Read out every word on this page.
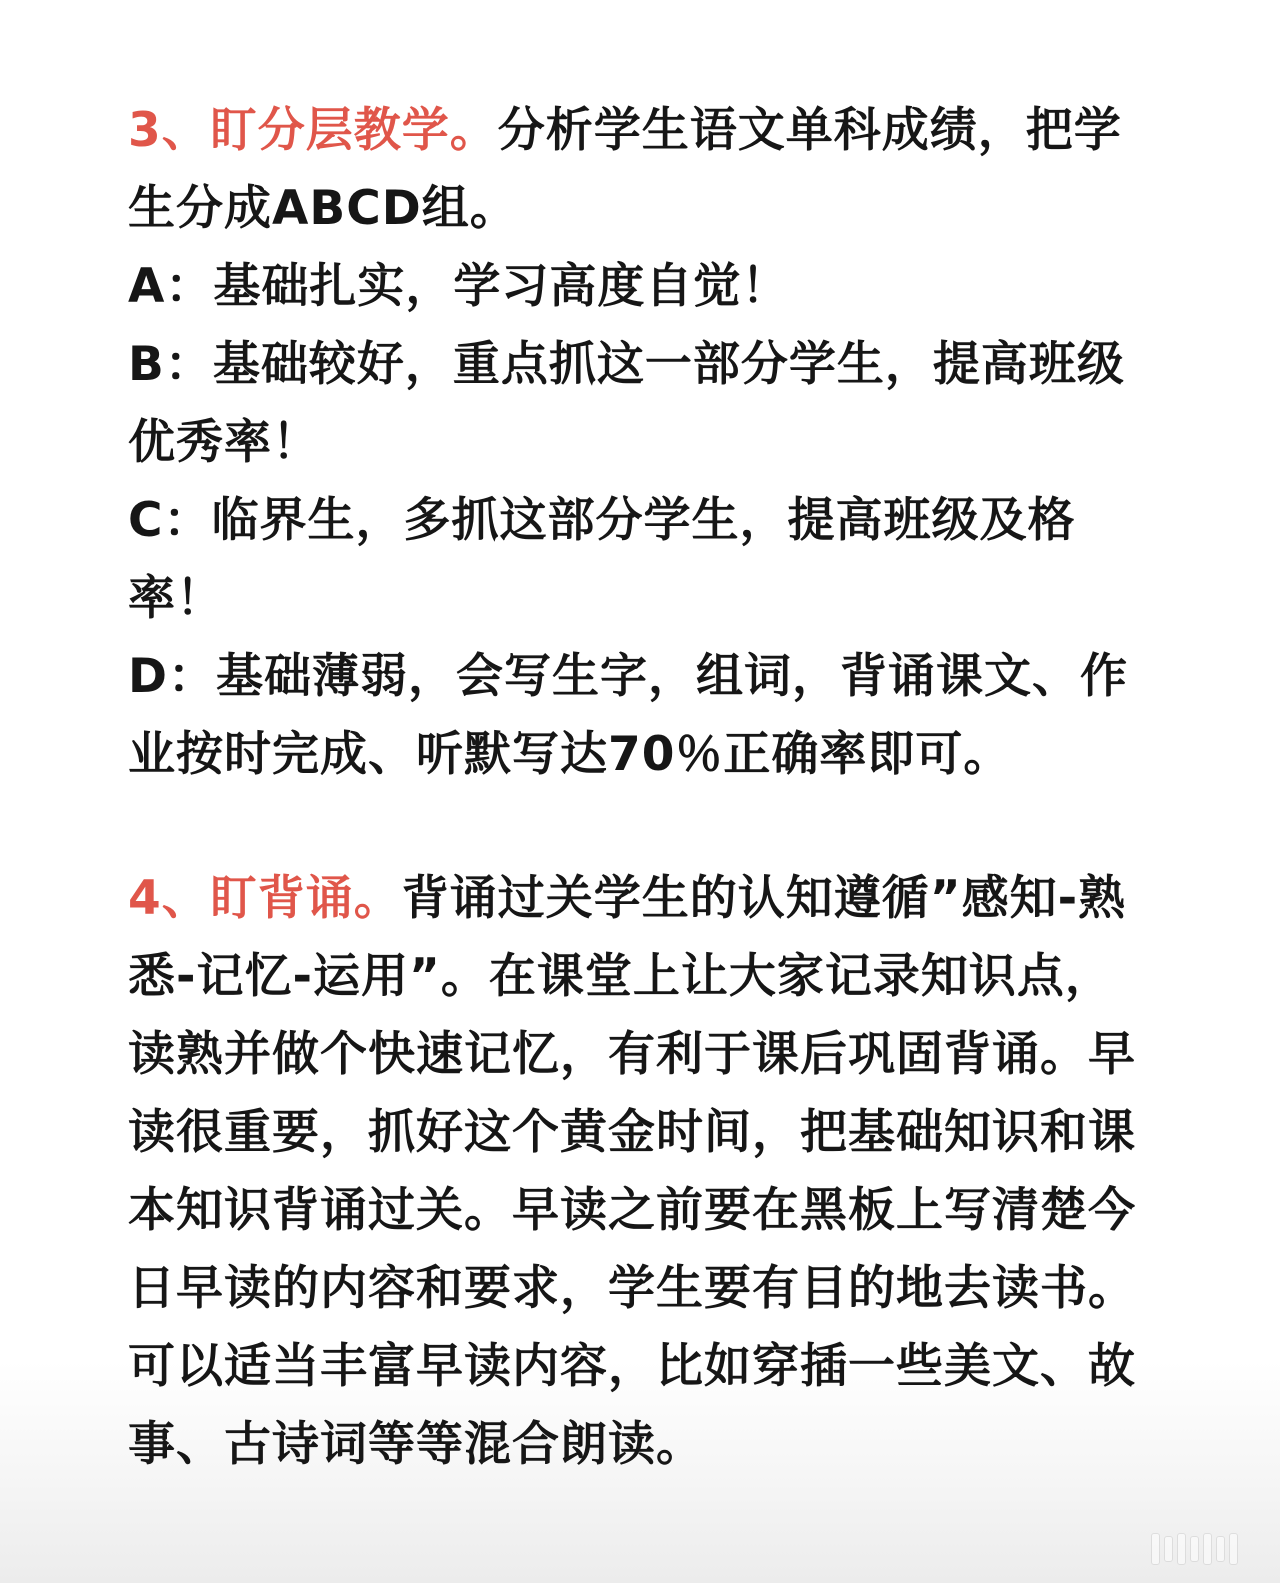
3、盯分层教学。分析学生语文单科成绩，把学生分成ABCD组。

A：基础扎实，学习高度自觉！

B：基础较好，重点抓这一部分学生，提高班级优秀率！

C：临界生，多抓这部分学生，提高班级及格率！

D：基础薄弱，会写生字，组词，背诵课文、作业按时完成、听默写达70％正确率即可。

4、盯背诵。背诵过关学生的认知遵循”感知-熟悉-记忆-运用”。在课堂上让大家记录知识点，读熟并做个快速记忆，有利于课后巩固背诵。早读很重要，抓好这个黄金时间，把基础知识和课本知识背诵过关。早读之前要在黑板上写清楚今日早读的内容和要求，学生要有目的地去读书。可以适当丰富早读内容，比如穿插一些美文、故事、古诗词等等混合朗读。
